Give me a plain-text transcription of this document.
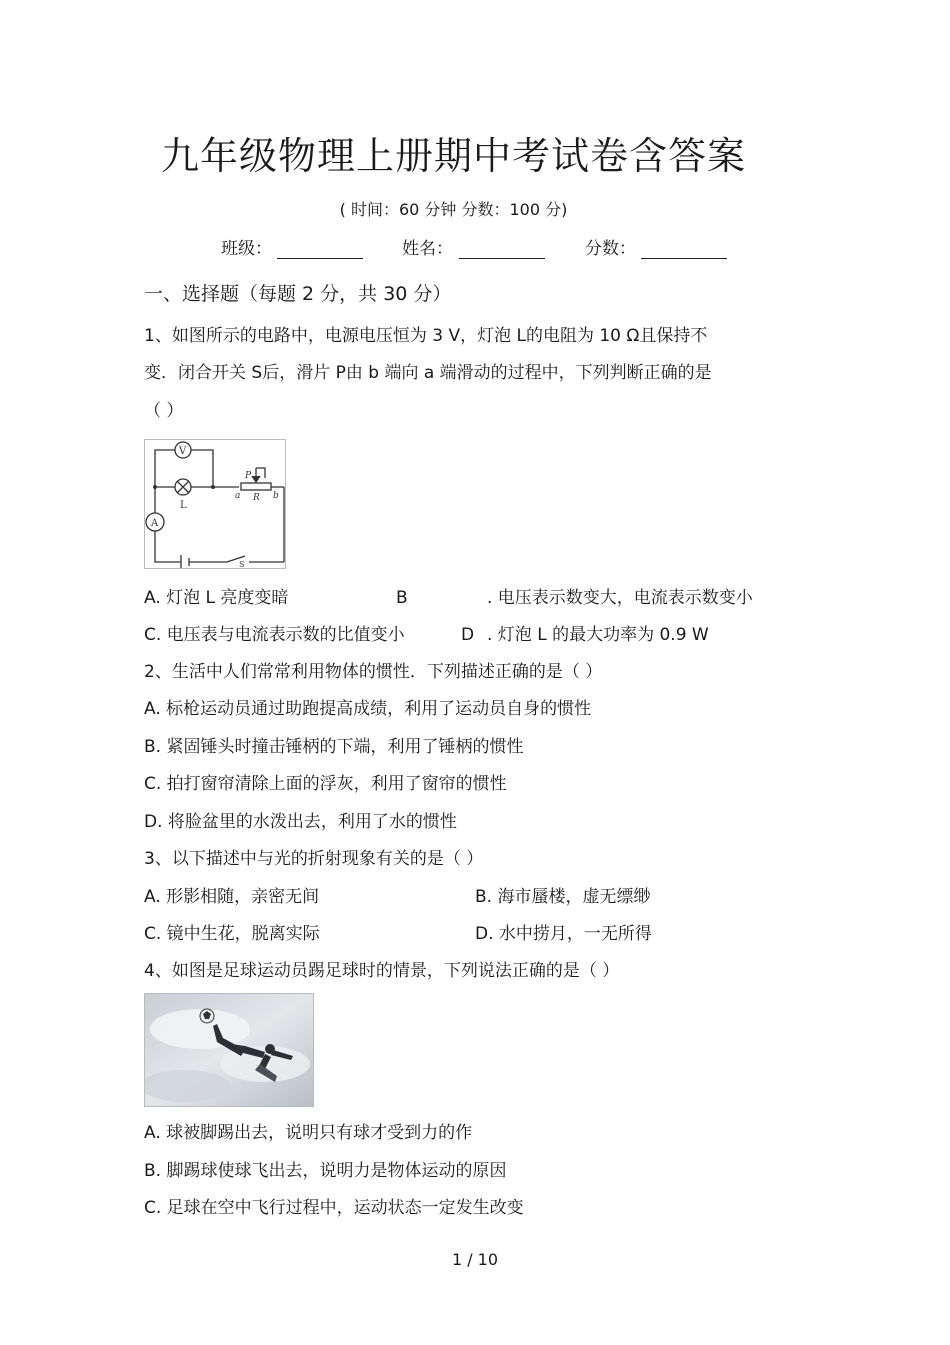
九年级物理上册期中考试卷含答案
( 时间：60 分钟 分数：100 分)
班级：	姓名：	分数：
一、选择题（每题 2 分，共 30 分）
1、如图所示的电路中，电源电压恒为 3 V，灯泡 L的电阻为 10 Ω且保持不
变．闭合开关 S后，滑片 P由 b 端向 a 端滑动的过程中，下列判断正确的是
（ ）
V
A
L
P
a R b
S
A. 灯泡 L 亮度变暗	B	. 电压表示数变大，电流表示数变小
C. 电压表与电流表示数的比值变小	D . 灯泡 L 的最大功率为 0.9 W
2、生活中人们常常利用物体的惯性．下列描述正确的是（ ）
A. 标枪运动员通过助跑提高成绩，利用了运动员自身的惯性
B. 紧固锤头时撞击锤柄的下端，利用了锤柄的惯性
C. 拍打窗帘清除上面的浮灰，利用了窗帘的惯性
D. 将脸盆里的水泼出去，利用了水的惯性
3、以下描述中与光的折射现象有关的是（ ）
A. 形影相随，亲密无间	B. 海市蜃楼，虚无缥缈
C. 镜中生花，脱离实际	D. 水中捞月，一无所得
4、如图是足球运动员踢足球时的情景，下列说法正确的是（ ）
A. 球被脚踢出去，说明只有球才受到力的作
B. 脚踢球使球飞出去，说明力是物体运动的原因
C. 足球在空中飞行过程中，运动状态一定发生改变
1 / 10
